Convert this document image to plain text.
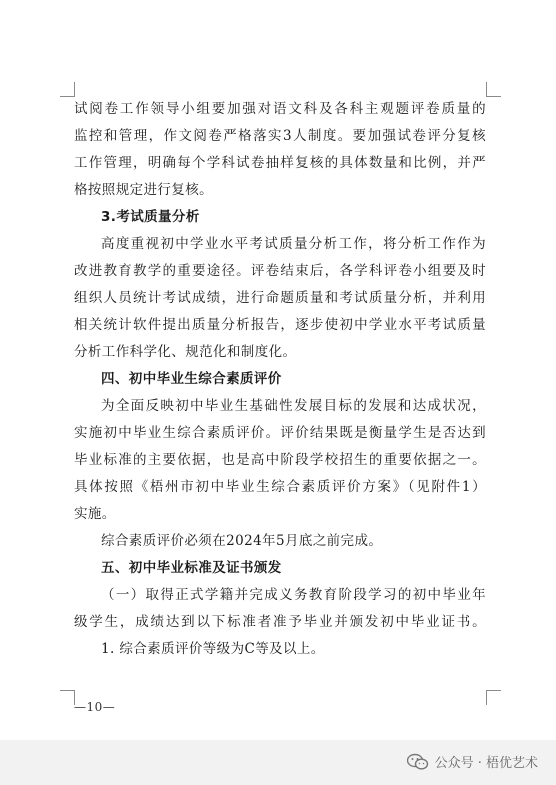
试阅卷工作领导小组要加强对语文科及各科主观题评卷质量的
监控和管理，作文阅卷严格落实3人制度。要加强试卷评分复核
工作管理，明确每个学科试卷抽样复核的具体数量和比例，并严
格按照规定进行复核。
3.考试质量分析
高度重视初中学业水平考试质量分析工作，将分析工作作为
改进教育教学的重要途径。评卷结束后，各学科评卷小组要及时
组织人员统计考试成绩，进行命题质量和考试质量分析，并利用
相关统计软件提出质量分析报告，逐步使初中学业水平考试质量
分析工作科学化、规范化和制度化。
四、初中毕业生综合素质评价
为全面反映初中毕业生基础性发展目标的发展和达成状况，
实施初中毕业生综合素质评价。评价结果既是衡量学生是否达到
毕业标准的主要依据，也是高中阶段学校招生的重要依据之一。
具体按照《梧州市初中毕业生综合素质评价方案》（见附件1）
实施。
综合素质评价必须在2024年5月底之前完成。
五、初中毕业标准及证书颁发
（一）取得正式学籍并完成义务教育阶段学习的初中毕业年
级学生，成绩达到以下标准者准予毕业并颁发初中毕业证书。
1. 综合素质评价等级为C等及以上。
—10—
公众号 · 梧优艺术
